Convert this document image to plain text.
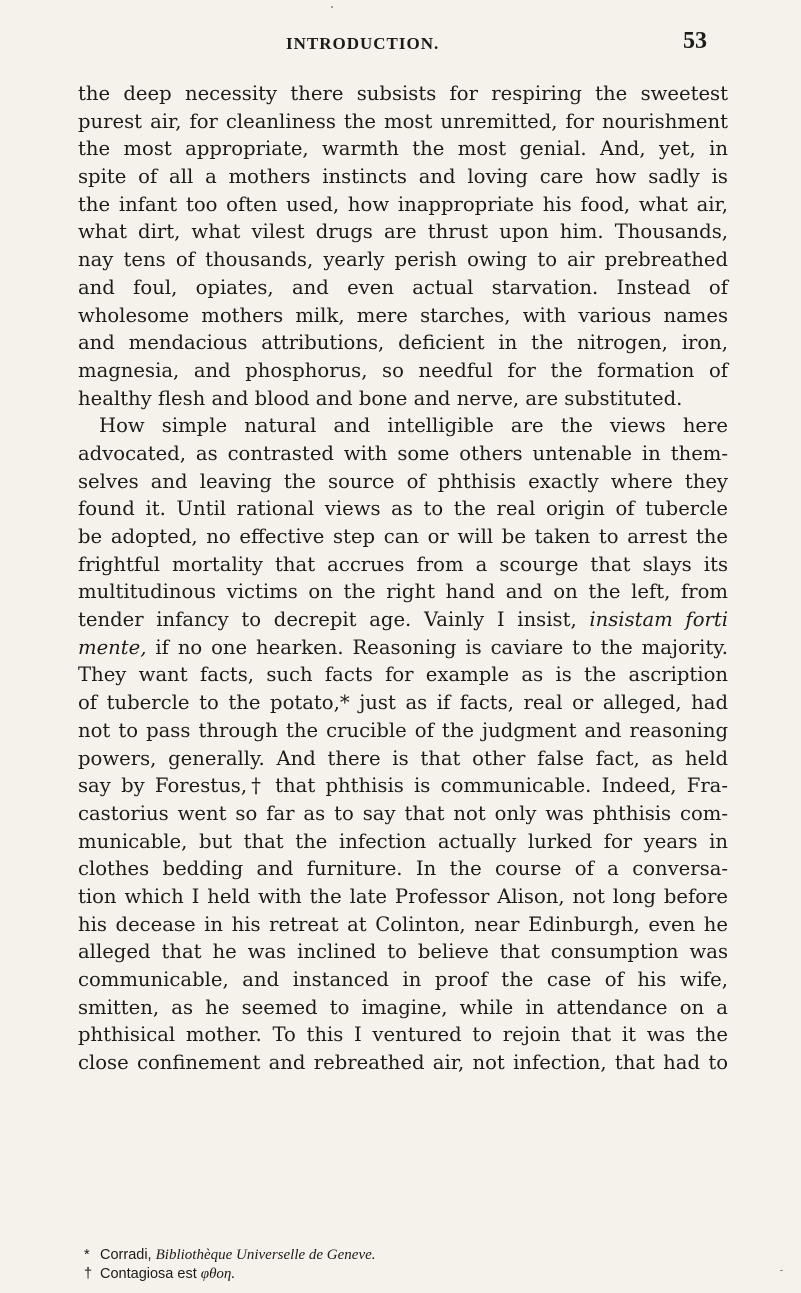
INTRODUCTION.	53
the deep necessity there subsists for respiring the sweetest
purest air, for cleanliness the most unremitted, for nourishment
the most appropriate, warmth the most genial. And, yet, in
spite of all a mothers instincts and loving care how sadly is
the infant too often used, how inappropriate his food, what air,
what dirt, what vilest drugs are thrust upon him. Thousands,
nay tens of thousands, yearly perish owing to air prebreathed
and foul, opiates, and even actual starvation. Instead of
wholesome mothers milk, mere starches, with various names
and mendacious attributions, deficient in the nitrogen, iron,
magnesia, and phosphorus, so needful for the formation of
healthy flesh and blood and bone and nerve, are substituted.
How simple natural and intelligible are the views here
advocated, as contrasted with some others untenable in them-
selves and leaving the source of phthisis exactly where they
found it. Until rational views as to the real origin of tubercle
be adopted, no effective step can or will be taken to arrest the
frightful mortality that accrues from a scourge that slays its
multitudinous victims on the right hand and on the left, from
tender infancy to decrepit age. Vainly I insist, insistam forti
mente, if no one hearken. Reasoning is caviare to the majority.
They want facts, such facts for example as is the ascription
of tubercle to the potato,* just as if facts, real or alleged, had
not to pass through the crucible of the judgment and reasoning
powers, generally. And there is that other false fact, as held
say by Forestus,† that phthisis is communicable. Indeed, Fra-
castorius went so far as to say that not only was phthisis com-
municable, but that the infection actually lurked for years in
clothes bedding and furniture. In the course of a conversa-
tion which I held with the late Professor Alison, not long before
his decease in his retreat at Colinton, near Edinburgh, even he
alleged that he was inclined to believe that consumption was
communicable, and instanced in proof the case of his wife,
smitten, as he seemed to imagine, while in attendance on a
phthisical mother. To this I ventured to rejoin that it was the
close confinement and rebreathed air, not infection, that had to
* Corradi, Bibliothèque Universelle de Geneve.
† Contagiosa est φθοη.
